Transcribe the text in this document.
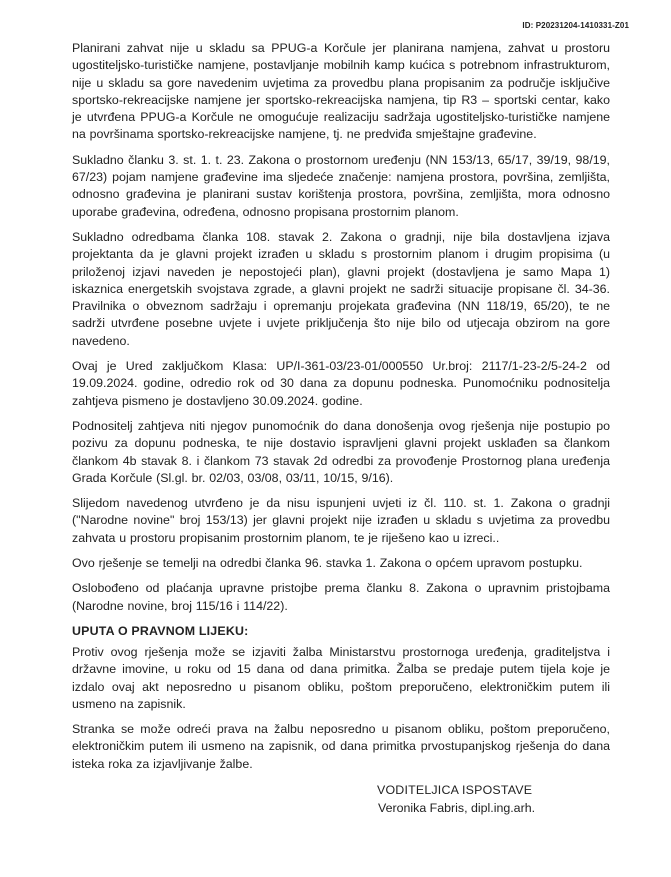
ID: P20231204-1410331-Z01

Planirani zahvat nije u skladu sa PPUG-a Korčule jer planirana namjena, zahvat u prostoru ugostiteljsko-turističke namjene, postavljanje mobilnih kamp kućica s potrebnom infrastrukturom, nije u skladu sa gore navedenim uvjetima za provedbu plana propisanim za područje isključive sportsko-rekreacijske namjene jer sportsko-rekreacijska namjena, tip R3 – sportski centar, kako je utvrđena PPUG-a Korčule ne omogućuje realizaciju sadržaja ugostiteljsko-turističke namjene na površinama sportsko-rekreacijske namjene, tj. ne predviđa smještajne građevine.

Sukladno članku 3. st. 1. t. 23. Zakona o prostornom uređenju (NN 153/13, 65/17, 39/19, 98/19, 67/23) pojam namjene građevine ima sljedeće značenje: namjena prostora, površina, zemljišta, odnosno građevina je planirani sustav korištenja prostora, površina, zemljišta, mora odnosno uporabe građevina, određena, odnosno propisana prostornim planom.

Sukladno odredbama članka 108. stavak 2. Zakona o gradnji, nije bila dostavljena izjava projektanta da je glavni projekt izrađen u skladu s prostornim planom i drugim propisima (u priloženoj izjavi naveden je nepostojeći plan), glavni projekt (dostavljena je samo Mapa 1) iskaznica energetskih svojstava zgrade, a glavni projekt ne sadrži situacije propisane čl. 34-36. Pravilnika o obveznom sadržaju i opremanju projekata građevina (NN 118/19, 65/20), te ne sadrži utvrđene posebne uvjete i uvjete priključenja što nije bilo od utjecaja obzirom na gore navedeno.

Ovaj je Ured zaključkom Klasa: UP/I-361-03/23-01/000550 Ur.broj: 2117/1-23-2/5-24-2 od 19.09.2024. godine, odredio rok od 30 dana za dopunu podneska. Punomoćniku podnositelja zahtjeva pismeno je dostavljeno 30.09.2024. godine.

Podnositelj zahtjeva niti njegov punomoćnik do dana donošenja ovog rješenja nije postupio po pozivu za dopunu podneska, te nije dostavio ispravljeni glavni projekt usklađen sa člankom člankom 4b stavak 8. i člankom 73 stavak 2d odredbi za provođenje Prostornog plana uređenja Grada Korčule (Sl.gl. br. 02/03, 03/08, 03/11, 10/15, 9/16).

Slijedom navedenog utvrđeno je da nisu ispunjeni uvjeti iz čl. 110. st. 1. Zakona o gradnji ("Narodne novine" broj 153/13) jer glavni projekt nije izrađen u skladu s uvjetima za provedbu zahvata u prostoru propisanim prostornim planom, te je riješeno kao u izreci..

Ovo rješenje se temelji na odredbi članka 96. stavka 1. Zakona o općem upravom postupku.

Oslobođeno od plaćanja upravne pristojbe prema članku 8. Zakona o upravnim pristojbama (Narodne novine, broj 115/16 i 114/22).

UPUTA O PRAVNOM LIJEKU:

Protiv ovog rješenja može se izjaviti žalba Ministarstvu prostornoga uređenja, graditeljstva i državne imovine, u roku od 15 dana od dana primitka. Žalba se predaje putem tijela koje je izdalo ovaj akt neposredno u pisanom obliku, poštom preporučeno, elektroničkim putem ili usmeno na zapisnik.

Stranka se može odreći prava na žalbu neposredno u pisanom obliku, poštom preporučeno, elektroničkim putem ili usmeno na zapisnik, od dana primitka prvostupanjskog rješenja do dana isteka roka za izjavljivanje žalbe.

VODITELJICA ISPOSTAVE
Veronika Fabris, dipl.ing.arh.
